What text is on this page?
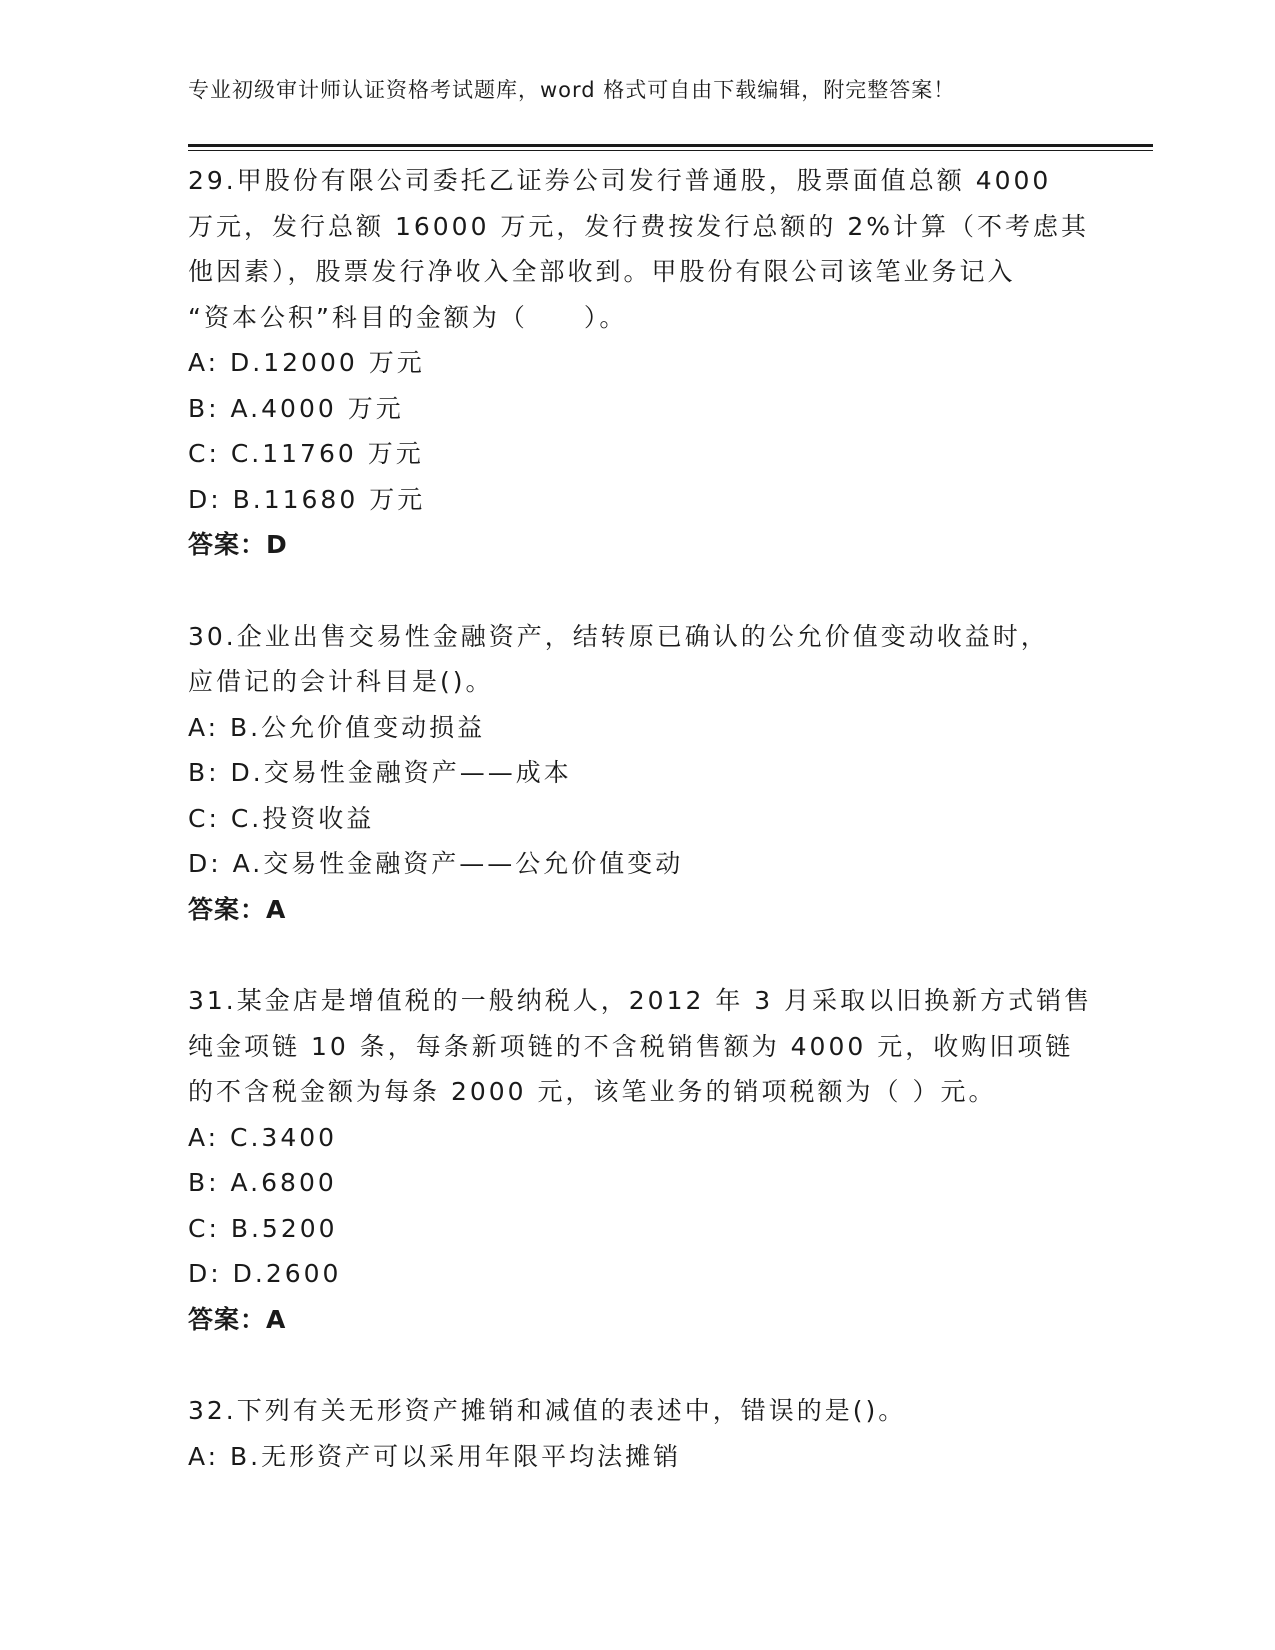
专业初级审计师认证资格考试题库，word 格式可自由下载编辑，附完整答案！
29.甲股份有限公司委托乙证券公司发行普通股，股票面值总额 4000
万元，发行总额 16000 万元，发行费按发行总额的 2%计算（不考虑其
他因素），股票发行净收入全部收到。甲股份有限公司该笔业务记入
“资本公积”科目的金额为（　　）。
A: D.12000 万元
B: A.4000 万元
C: C.11760 万元
D: B.11680 万元
答案：D
30.企业出售交易性金融资产，结转原已确认的公允价值变动收益时，
应借记的会计科目是()。
A: B.公允价值变动损益
B: D.交易性金融资产——成本
C: C.投资收益
D: A.交易性金融资产——公允价值变动
答案：A
31.某金店是增值税的一般纳税人，2012 年 3 月采取以旧换新方式销售
纯金项链 10 条，每条新项链的不含税销售额为 4000 元，收购旧项链
的不含税金额为每条 2000 元，该笔业务的销项税额为（ ）元。
A: C.3400
B: A.6800
C: B.5200
D: D.2600
答案：A
32.下列有关无形资产摊销和减值的表述中，错误的是()。
A: B.无形资产可以采用年限平均法摊销
